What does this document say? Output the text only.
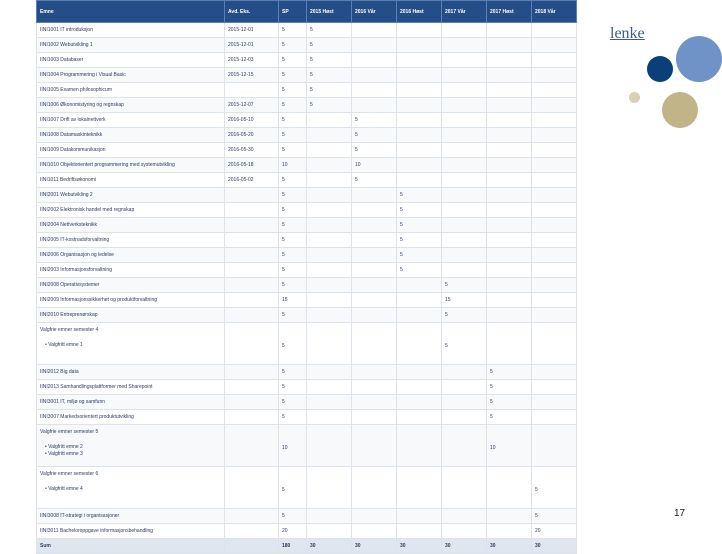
Emne	Avd. Eks.	SP	2015 Høst	2016 Vår	2016 Høst	2017 Vår	2017 Høst	2018 Vår

IINI1001 IT introduksjon	2015-12-01	5	5					

IINI1002 Webutvikling 1	2015-12-01	5	5					

IINI1003 Databaser	2015-12-03	5	5					

IINI1004 Programmering i Visual Basic	2015-12-15	5	5					

IINI1005 Examen philosophicum		5	5					

IINI1006 Økonomistyring og regnskap	2015-12-07	5	5					

IINI1007 Drift av lokalnettverk	2016-05-10	5		5				

IINI1008 Datamaskinteknikk	2016-05-20	5		5				

IINI1009 Datakommunikasjon	2016-05-30	5		5				

IINI1010 Objektorientert programmering med systemutvikling	2016-05-18	10		10				

IINI1011 Bedriftsøkonomi	2016-05-02	5		5				

IINI2001 Webutvikling 2		5			5			

IINI2002 Elektronisk handel med regnskap		5			5			

IINI2004 Nettverksteknikk		5			5			

IINI2005 IT-kostnadsforvaltning		5			5			

IINI2006 Organisasjon og ledelse		5			5			

IINI2003 Informasjonsforvaltning		5			5			

IINI2008 Operativsystemer		5				5		

IINI2009 Informasjonssikkerhet og produktforvaltning		15				15		

IINI2010 Entreprenørskap		5				5		

Valgfrie emner semester 4
• Valgfritt emne 1		5				5		

IINI2012 Big data		5					5	

IINI2013 Samhandlingsplattformer med Sharepoint		5					5	

IINI3001 IT, miljø og samfunn		5					5	

IINI3007 Markedsorientert produktutvikling		5					5	

Valgfrie emner semester 5
• Valgfritt emne 2
• Valgfritt emne 3		10					10	

Valgfrie emner semester 6
• Valgfritt emne 4		5						5

IINI3008 IT-strategi i organisasjoner		5						5

IINI3011 Bacheloroppgave informasjonsbehandling		20						20

Sum		180	30	30	30	30	30	30
lenke
17
